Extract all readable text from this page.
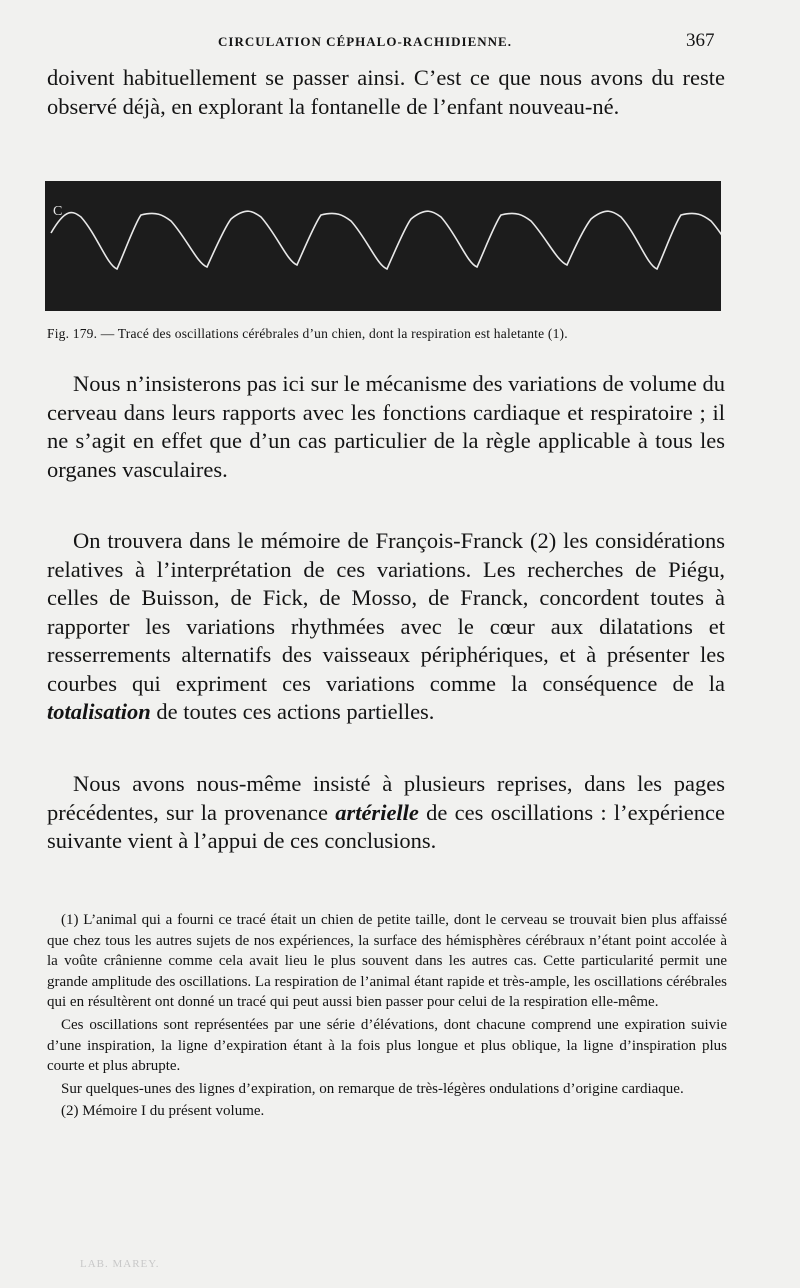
CIRCULATION CÉPHALO-RACHIDIENNE.	367

doivent habituellement se passer ainsi. C’est ce que nous avons du reste observé déjà, en explorant la fontanelle de l’enfant nouveau-né.

C
Fig. 179. — Tracé des oscillations cérébrales d’un chien, dont la respiration est haletante (1).

Nous n’insisterons pas ici sur le mécanisme des variations de volume du cerveau dans leurs rapports avec les fonctions cardiaque et respiratoire ; il ne s’agit en effet que d’un cas particulier de la règle applicable à tous les organes vasculaires.

On trouvera dans le mémoire de François-Franck (2) les considérations relatives à l’interprétation de ces variations. Les recherches de Piégu, celles de Buisson, de Fick, de Mosso, de Franck, concordent toutes à rapporter les variations rhythmées avec le cœur aux dilatations et resserrements alternatifs des vaisseaux périphériques, et à présenter les courbes qui expriment ces variations comme la conséquence de la totalisation de toutes ces actions partielles.

Nous avons nous-même insisté à plusieurs reprises, dans les pages précédentes, sur la provenance artérielle de ces oscillations : l’expérience suivante vient à l’appui de ces conclusions.

(1) L’animal qui a fourni ce tracé était un chien de petite taille, dont le cerveau se trouvait bien plus affaissé que chez tous les autres sujets de nos expériences, la surface des hémisphères cérébraux n’étant point accolée à la voûte crânienne comme cela avait lieu le plus souvent dans les autres cas. Cette particularité permit une grande amplitude des oscillations. La respiration de l’animal étant rapide et très-ample, les oscillations cérébrales qui en résultèrent ont donné un tracé qui peut aussi bien passer pour celui de la respiration elle-même.

Ces oscillations sont représentées par une série d’élévations, dont chacune comprend une expiration suivie d’une inspiration, la ligne d’expiration étant à la fois plus longue et plus oblique, la ligne d’inspiration plus courte et plus abrupte.

Sur quelques-unes des lignes d’expiration, on remarque de très-légères ondulations d’origine cardiaque.

(2) Mémoire I du présent volume.

LAB. MAREY.
